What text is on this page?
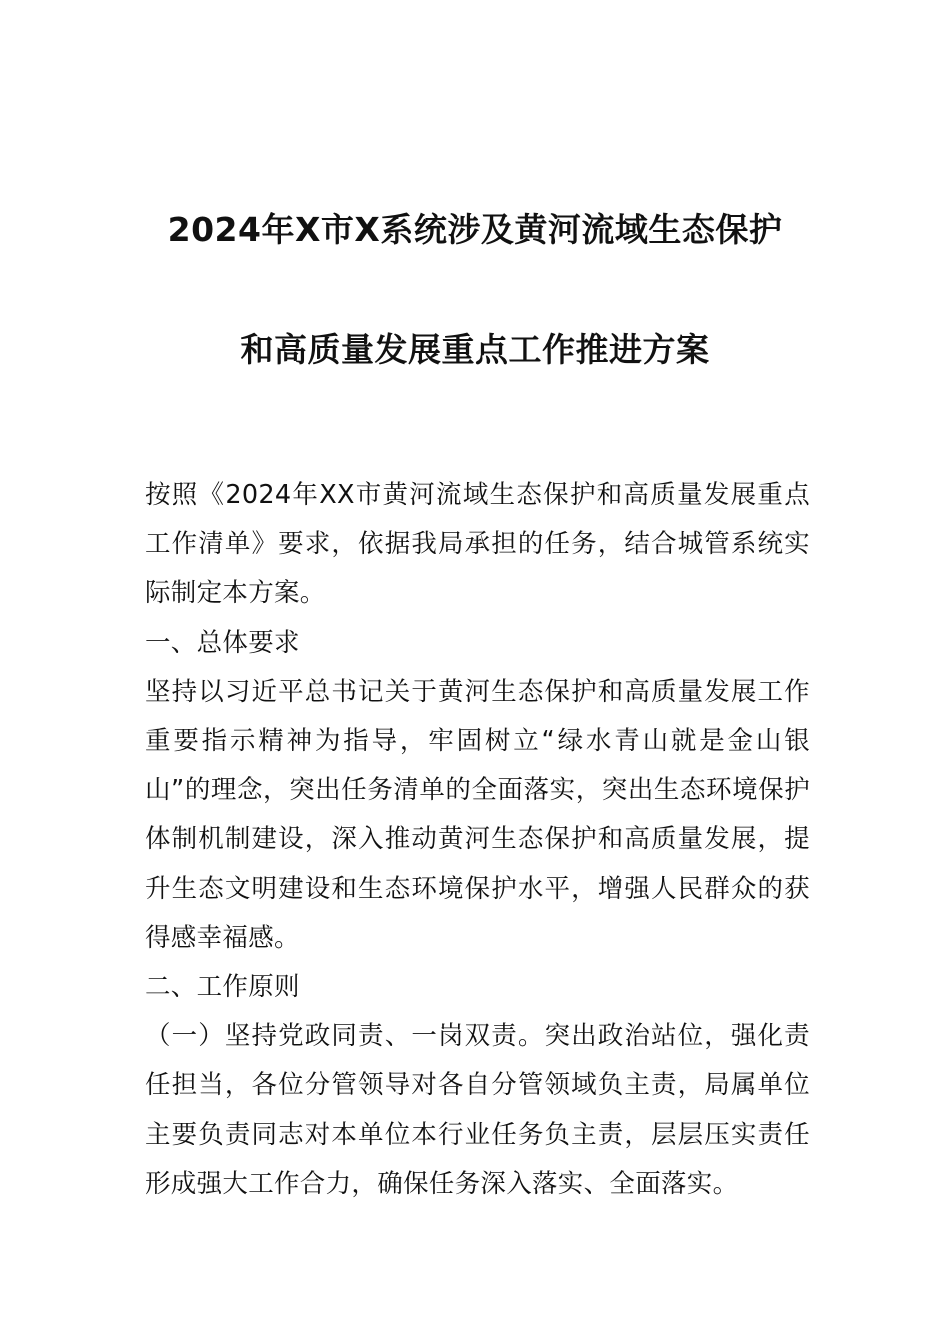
2024年X市X系统涉及黄河流域生态保护
和高质量发展重点工作推进方案

按照《2024年XX市黄河流域生态保护和高质量发展重点工作清单》要求，依据我局承担的任务，结合城管系统实际制定本方案。

一、总体要求

坚持以习近平总书记关于黄河生态保护和高质量发展工作重要指示精神为指导，牢固树立“绿水青山就是金山银山”的理念，突出任务清单的全面落实，突出生态环境保护体制机制建设，深入推动黄河生态保护和高质量发展，提升生态文明建设和生态环境保护水平，增强人民群众的获得感幸福感。

二、工作原则

（一）坚持党政同责、一岗双责。突出政治站位，强化责任担当，各位分管领导对各自分管领域负主责，局属单位主要负责同志对本单位本行业任务负主责，层层压实责任形成强大工作合力，确保任务深入落实、全面落实。
